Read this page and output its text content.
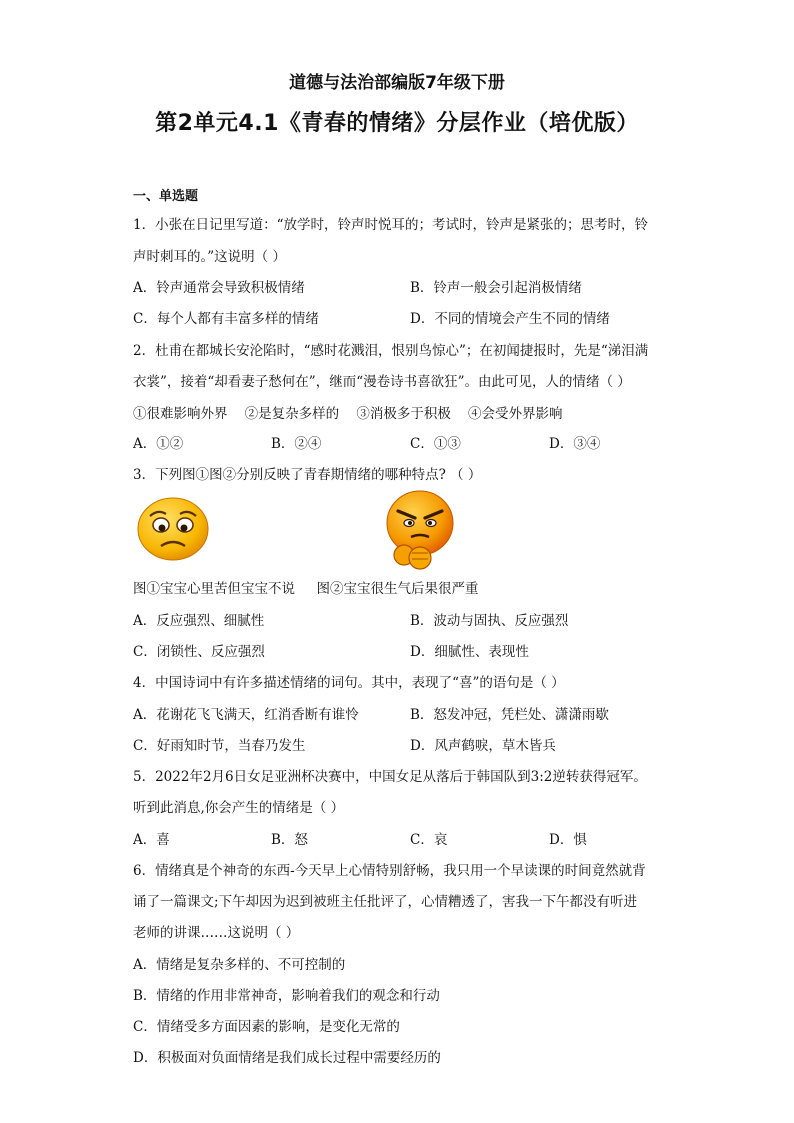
道德与法治部编版7年级下册
第2单元4.1《青春的情绪》分层作业（培优版）
一、单选题
1．小张在日记里写道：“放学时，铃声时悦耳的；考试时，铃声是紧张的；思考时，铃
声时刺耳的。”这说明（ ）
A．铃声通常会导致积极情绪	B．铃声一般会引起消极情绪
C．每个人都有丰富多样的情绪	D．不同的情境会产生不同的情绪
2．杜甫在都城长安沦陷时，“感时花溅泪，恨别鸟惊心”；在初闻捷报时，先是“涕泪满
衣裳”，接着“却看妻子愁何在”，继而“漫卷诗书喜欲狂”。由此可见，人的情绪（ ）
①很难影响外界    ②是复杂多样的    ③消极多于积极    ④会受外界影响
A．①②	B．②④	C．①③	D．③④
3．下列图①图②分别反映了青春期情绪的哪种特点? （ ）
图①宝宝心里苦但宝宝不说     图②宝宝很生气后果很严重
A．反应强烈、细腻性	B．波动与固执、反应强烈
C．闭锁性、反应强烈	D．细腻性、表现性
4．中国诗词中有许多描述情绪的词句。其中，表现了“喜”的语句是（ ）
A．花谢花飞飞满天，红消香断有谁怜	B．怒发冲冠，凭栏处、潇潇雨歇
C．好雨知时节，当春乃发生	D．风声鹤唳，草木皆兵
5．2022年2月6日女足亚洲杯决赛中，中国女足从落后于韩国队到3:2逆转获得冠军。
听到此消息,你会产生的情绪是（ ）
A．喜	B．怒	C．哀	D．惧
6．情绪真是个神奇的东西-今天早上心情特别舒畅，我只用一个早读课的时间竟然就背
诵了一篇课文;下午却因为迟到被班主任批评了，心情糟透了，害我一下午都没有听进
老师的讲课……这说明（ ）
A．情绪是复杂多样的、不可控制的
B．情绪的作用非常神奇，影响着我们的观念和行动
C．情绪受多方面因素的影响，是变化无常的
D．积极面对负面情绪是我们成长过程中需要经历的
